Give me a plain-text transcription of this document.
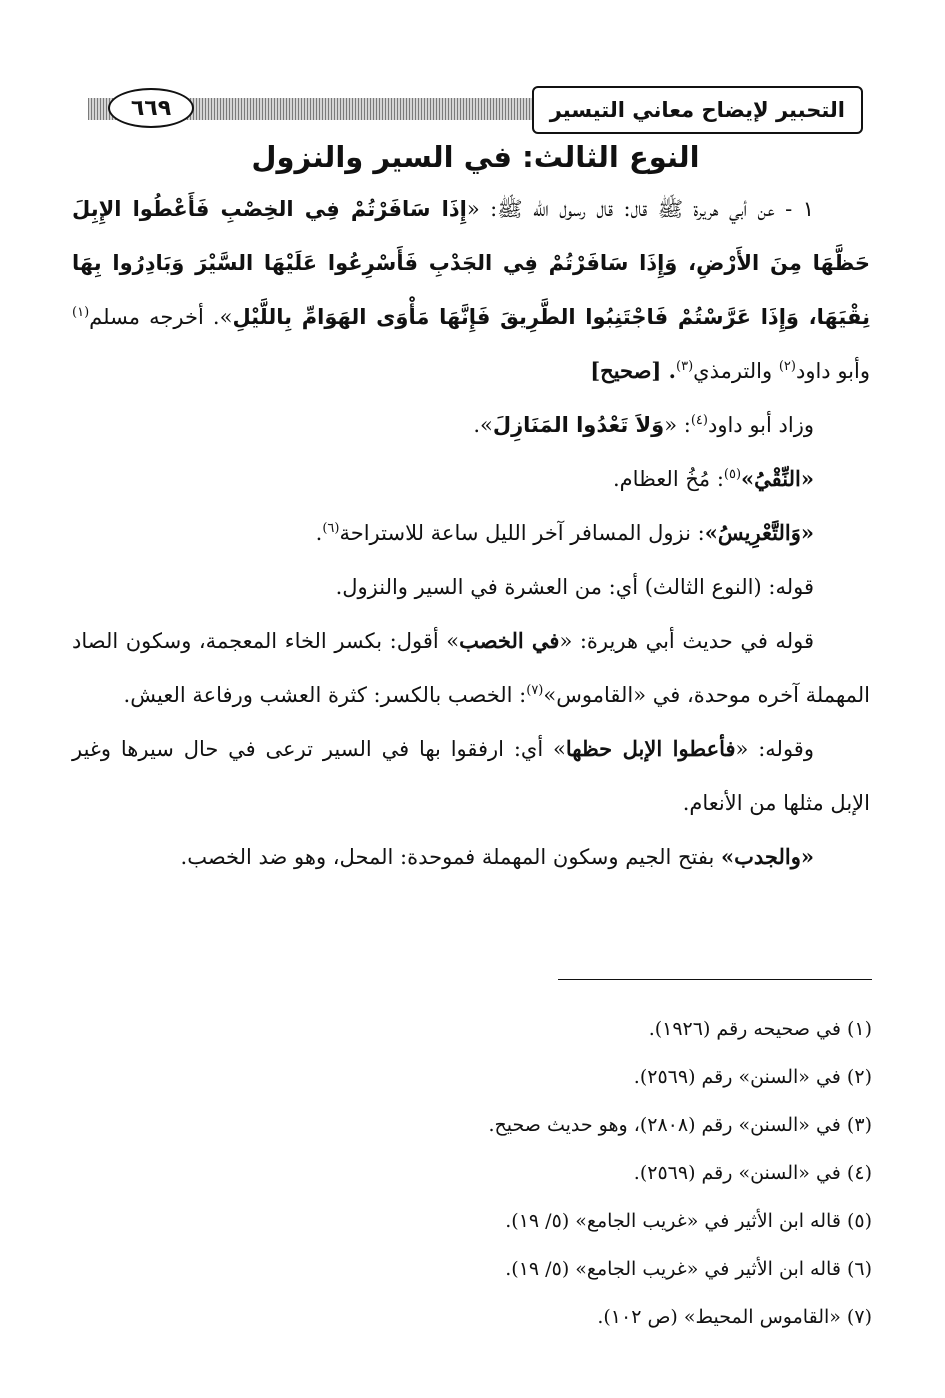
التحبير لإيضاح معاني التيسير
٦٦٩
النوع الثالث: في السير والنزول

١ - عن أبي هريرة ﷺ قال: قال رسول الله ﷺ: «إِذَا سَافَرْتُمْ فِي الخِصْبِ فَأَعْطُوا الإِبِلَ حَظَّهَا مِنَ الأَرْضِ، وَإِذَا سَافَرْتُمْ فِي الجَدْبِ فَأَسْرِعُوا عَلَيْهَا السَّيْرَ وَبَادِرُوا بِهَا نِقْيَهَا، وَإِذَا عَرَّسْتُمْ فَاجْتَنِبُوا الطَّرِيقَ فَإِنَّهَا مَأْوَى الهَوَامِّ بِاللَّيْلِ». أخرجه مسلم$^{(١)}$ وأبو داود$^{(٢)}$ والترمذي$^{(٣)}$. [صحيح]

وزاد أبو داود$^{(٤)}$: «وَلاَ تَعْدُوا المَنَازِلَ».

«النِّقْيُ»$^{(٥)}$: مُخُ العظام.

«وَالتَّعْرِيسُ»: نزول المسافر آخر الليل ساعة للاستراحة$^{(٦)}$.

قوله: (النوع الثالث) أي: من العشرة في السير والنزول.

قوله في حديث أبي هريرة: «في الخصب» أقول: بكسر الخاء المعجمة، وسكون الصاد المهملة آخره موحدة، في «القاموس»$^{(٧)}$: الخصب بالكسر: كثرة العشب ورفاعة العيش.

وقوله: «فأعطوا الإبل حظها» أي: ارفقوا بها في السير ترعى في حال سيرها وغير الإبل مثلها من الأنعام.

«والجدب» بفتح الجيم وسكون المهملة فموحدة: المحل، وهو ضد الخصب.

(١) في صحيحه رقم (١٩٢٦).
(٢) في «السنن» رقم (٢٥٦٩).
(٣) في «السنن» رقم (٢٨٠٨)، وهو حديث صحيح.
(٤) في «السنن» رقم (٢٥٦٩).
(٥) قاله ابن الأثير في «غريب الجامع» (٥/ ١٩).
(٦) قاله ابن الأثير في «غريب الجامع» (٥/ ١٩).
(٧) «القاموس المحيط» (ص ١٠٢).
